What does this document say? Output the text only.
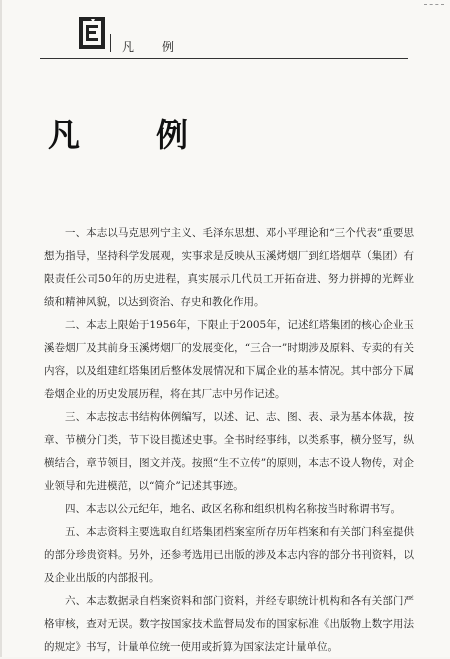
凡　例
凡　例

一、本志以马克思列宁主义、毛泽东思想、邓小平理论和“三个代表”重要思想为指导，坚持科学发展观，实事求是反映从玉溪烤烟厂到红塔烟草（集团）有限责任公司50年的历史进程，真实展示几代员工开拓奋进、努力拼搏的光辉业绩和精神风貌，以达到资治、存史和教化作用。

二、本志上限始于1956年，下限止于2005年，记述红塔集团的核心企业玉溪卷烟厂及其前身玉溪烤烟厂的发展变化，“三合一”时期涉及原料、专卖的有关内容，以及组建红塔集团后整体发展情况和下属企业的基本情况。其中部分下属卷烟企业的历史发展历程，将在其厂志中另作记述。

三、本志按志书结构体例编写，以述、记、志、图、表、录为基本体裁，按章、节横分门类，节下设目揽述史事。全书时经事纬，以类系事，横分竖写，纵横结合，章节领目，图文并茂。按照“生不立传”的原则，本志不设人物传，对企业领导和先进模范，以“简介”记述其事迹。

四、本志以公元纪年，地名、政区名称和组织机构名称按当时称谓书写。

五、本志资料主要选取自红塔集团档案室所存历年档案和有关部门科室提供的部分珍贵资料。另外，还参考选用已出版的涉及本志内容的部分书刊资料，以及企业出版的内部报刊。

六、本志数据录自档案资料和部门资料，并经专职统计机构和各有关部门严格审核，查对无误。数字按国家技术监督局发布的国家标准《出版物上数字用法的规定》书写，计量单位统一使用或折算为国家法定计量单位。
